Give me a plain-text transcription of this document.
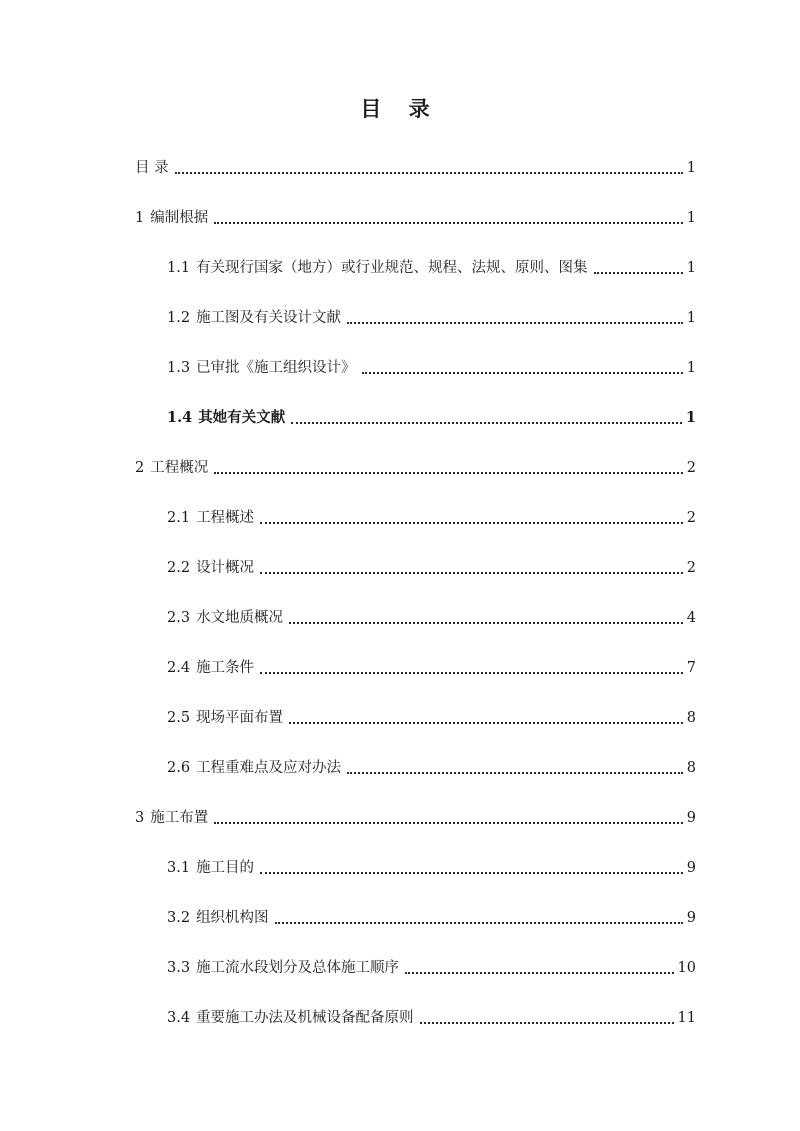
目 录
目 录	1
1 编制根据	1
1.1 有关现行国家（地方）或行业规范、规程、法规、原则、图集	1
1.2 施工图及有关设计文献	1
1.3 已审批《施工组织设计》	1
1.4 其她有关文献	1
2 工程概况	2
2.1 工程概述	2
2.2 设计概况	2
2.3 水文地质概况	4
2.4 施工条件	7
2.5 现场平面布置	8
2.6 工程重难点及应对办法	8
3 施工布置	9
3.1 施工目的	9
3.2 组织机构图	9
3.3 施工流水段划分及总体施工顺序	10
3.4 重要施工办法及机械设备配备原则	11
